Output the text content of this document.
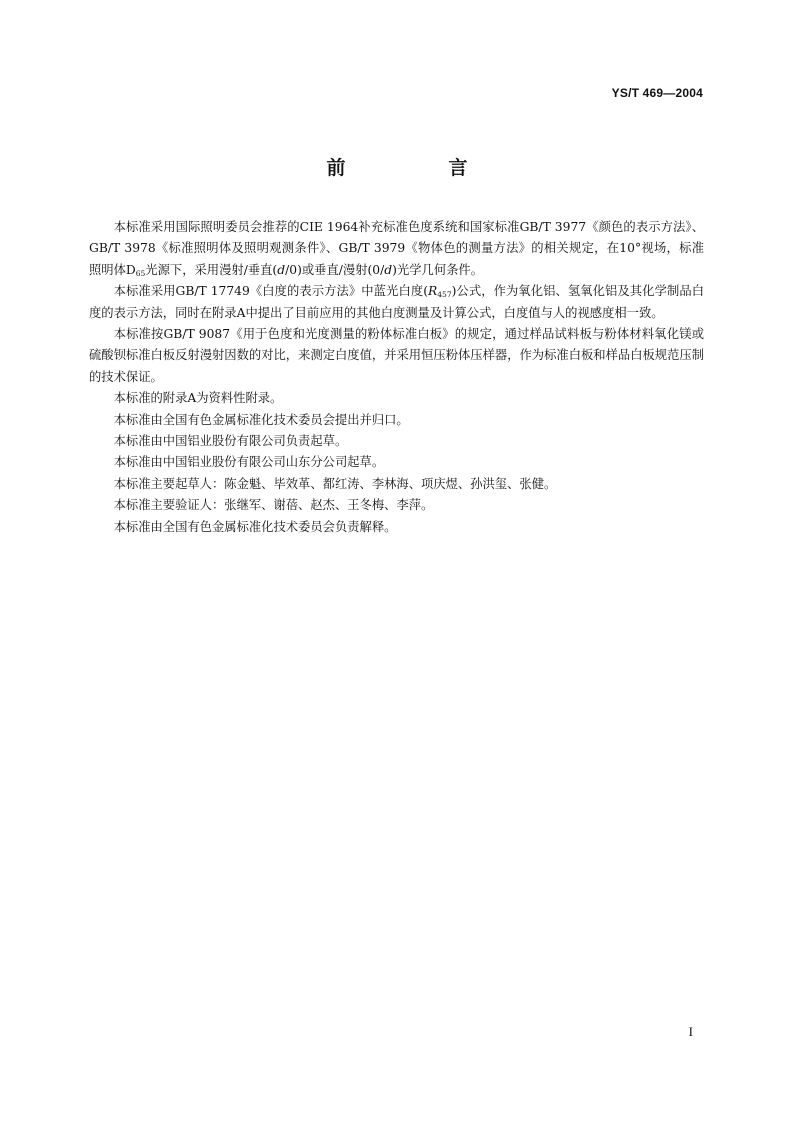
YS/T 469—2004
前　言

本标准采用国际照明委员会推荐的CIE 1964补充标准色度系统和国家标准GB/T 3977《颜色的表示方法》、GB/T 3978《标准照明体及照明观测条件》、GB/T 3979《物体色的测量方法》的相关规定，在10°视场，标准照明体$D_{65}$光源下，采用漫射/垂直(d/0)或垂直/漫射(0/d)光学几何条件。

本标准采用GB/T 17749《白度的表示方法》中蓝光白度$(R_{457})$公式，作为氧化铝、氢氧化铝及其化学制品白度的表示方法，同时在附录A中提出了目前应用的其他白度测量及计算公式，白度值与人的视感度相一致。

本标准按GB/T 9087《用于色度和光度测量的粉体标准白板》的规定，通过样品试料板与粉体材料氧化镁或硫酸钡标准白板反射漫射因数的对比，来测定白度值，并采用恒压粉体压样器，作为标准白板和样品白板规范压制的技术保证。

本标准的附录A为资料性附录。

本标准由全国有色金属标准化技术委员会提出并归口。

本标准由中国铝业股份有限公司负责起草。

本标准由中国铝业股份有限公司山东分公司起草。

本标准主要起草人：陈金魁、毕效革、都红涛、李林海、项庆煜、孙洪玺、张健。

本标准主要验证人：张继军、谢蓓、赵杰、王冬梅、李萍。

本标准由全国有色金属标准化技术委员会负责解释。

I
